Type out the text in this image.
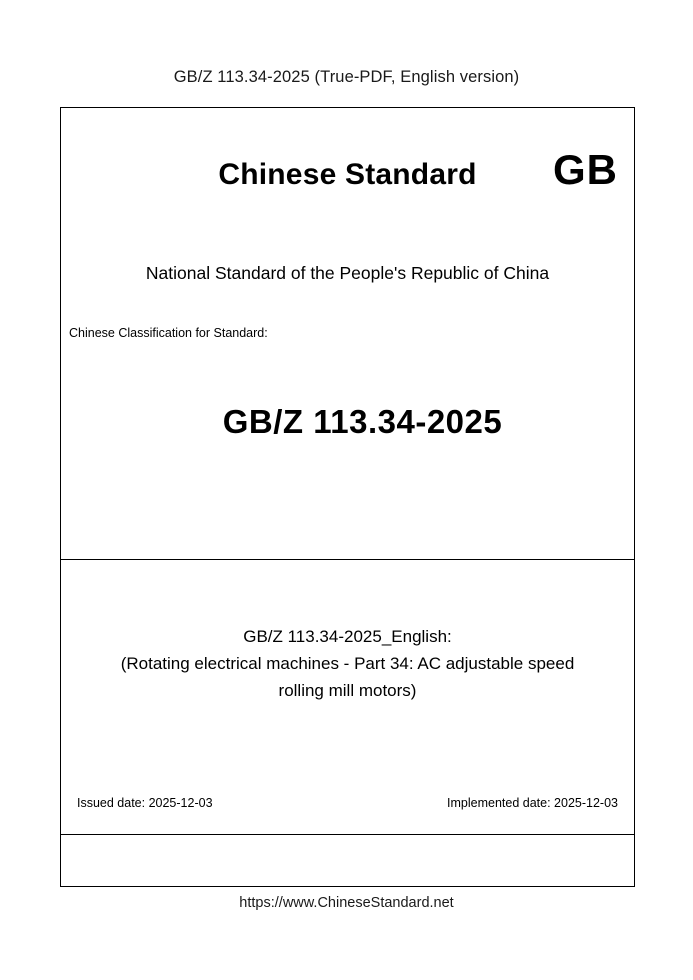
GB/Z 113.34-2025 (True-PDF, English version)
Chinese Standard	GB
National Standard of the People's Republic of China
Chinese Classification for Standard:
GB/Z 113.34-2025
GB/Z 113.34-2025_English:
(Rotating electrical machines - Part 34: AC adjustable speed
rolling mill motors)
Issued date: 2025-12-03	Implemented date: 2025-12-03
https://www.ChineseStandard.net
